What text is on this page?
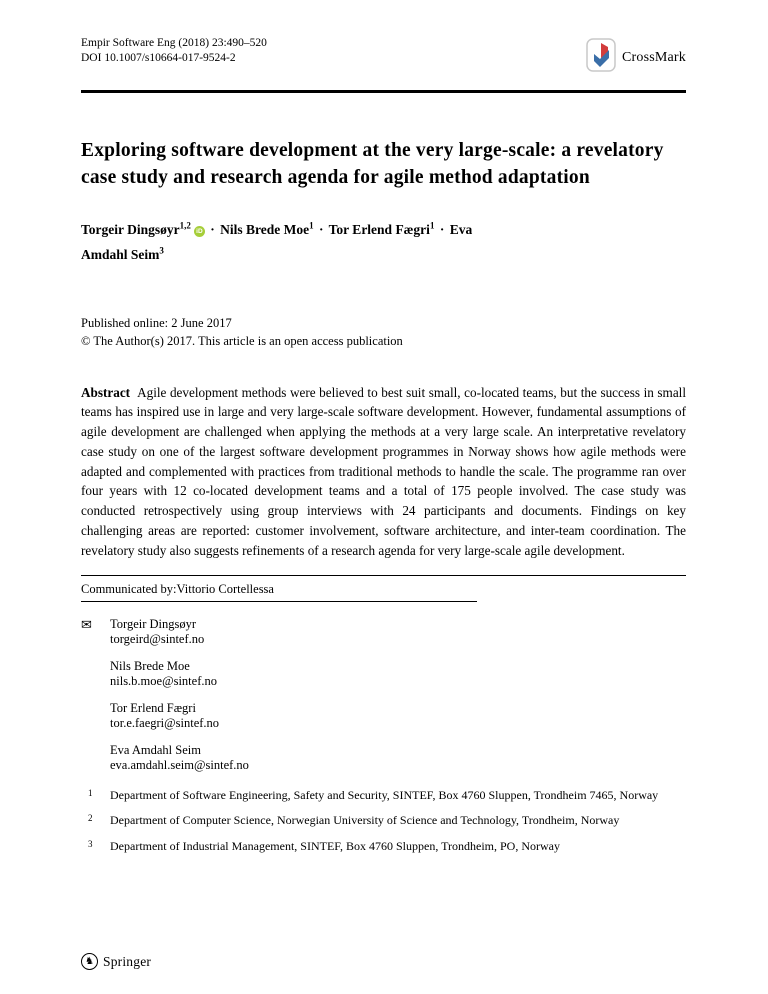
Empir Software Eng (2018) 23:490–520
DOI 10.1007/s10664-017-9524-2	CrossMark
Exploring software development at the very large-scale: a revelatory case study and research agenda for agile method adaptation

Torgeir Dingsøyr$^{1,2}$iD · Nils Brede Moe$^1$ · Tor Erlend Fægri$^1$ · Eva Amdahl Seim$^3$

Published online: 2 June 2017
© The Author(s) 2017. This article is an open access publication

Abstract Agile development methods were believed to best suit small, co-located teams, but the success in small teams has inspired use in large and very large-scale software development. However, fundamental assumptions of agile development are challenged when applying the methods at a very large scale. An interpretative revelatory case study on one of the largest software development programmes in Norway shows how agile methods were adapted and complemented with practices from traditional methods to handle the scale. The programme ran over four years with 12 co-located development teams and a total of 175 people involved. The case study was conducted retrospectively using group interviews with 24 participants and documents. Findings on key challenging areas are reported: customer involvement, software architecture, and inter-team coordination. The revelatory study also suggests refinements of a research agenda for very large-scale agile development.

Communicated by:Vittorio Cortellessa
✉ Torgeir Dingsøyr
torgeird@sintef.no
Nils Brede Moe
nils.b.moe@sintef.no
Tor Erlend Fægri
tor.e.faegri@sintef.no
Eva Amdahl Seim
eva.amdahl.seim@sintef.no
1	Department of Software Engineering, Safety and Security, SINTEF, Box 4760 Sluppen, Trondheim 7465, Norway
2	Department of Computer Science, Norwegian University of Science and Technology, Trondheim, Norway
3	Department of Industrial Management, SINTEF, Box 4760 Sluppen, Trondheim, PO, Norway
♞ Springer
